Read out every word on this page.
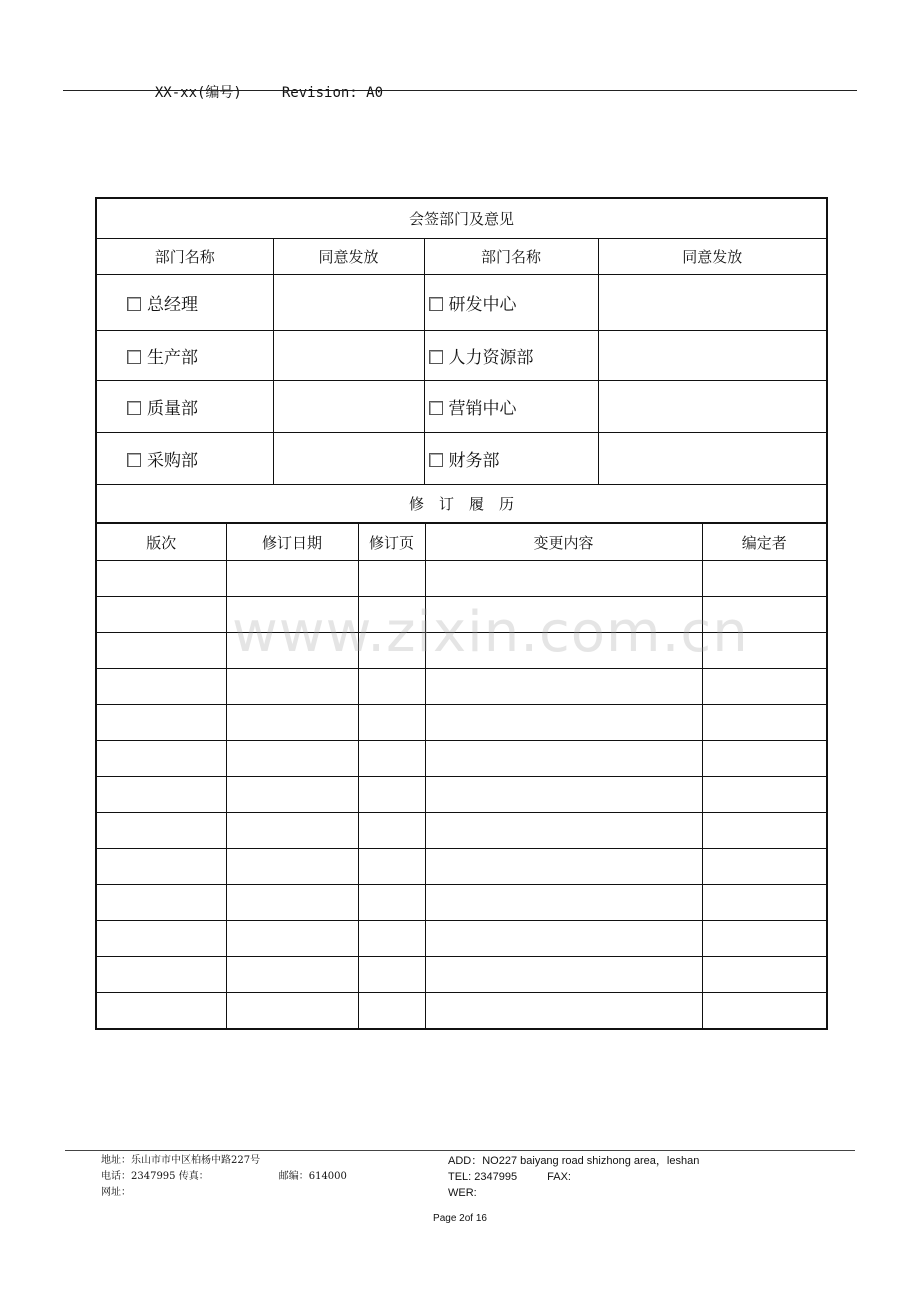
XX-xx(编号)	Revision: A0

会签部门及意见			
部门名称	同意发放	部门名称	同意发放
总经理		研发中心	
生产部		人力资源部	
质量部		营销中心	
采购部		财务部	
修　订　履　历			
版次	修订日期	修订页	变更内容	编定者

www.zixin.com.cn
地址：乐山市市中区柏杨中路227号
电话：2347995 传真：	邮编：614000
网址：
ADD：NO227 baiyang road shizhong area，leshan
TEL: 2347995	FAX:
WER:
Page 2of 16
